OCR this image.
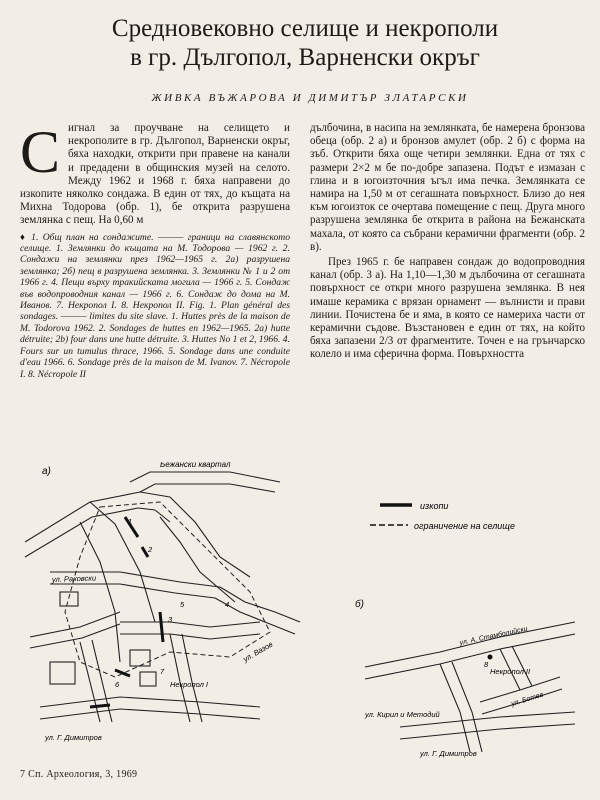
Средновековно селище и некрополи
в гр. Дългопол, Варненски окръг

ЖИВКА ВЪЖАРОВА И ДИМИТЪР ЗЛАТАРСКИ

С игнал за проучване на селището и некрополите в гр. Дългопол, Варненски окръг, бяха находки, открити при правене на канали и предадени в общинския музей на селото. Между 1962 и 1968 г. бяха направени до изкопите няколко сондажа. В един от тях, до къщата на Михна Тодорова (обр. 1), бе открита разрушена землянка с пещ. На 0,60 м

♦ 1. Общ план на сондажите. ——— граници на славянското селище. 1. Землянки до къщата на М. Тодорова — 1962 г. 2. Сондажи на землянки през 1962—1965 г. 2а) разрушена землянка; 2б) пещ в разрушена землянка. 3. Землянки № 1 и 2 от 1966 г. 4. Пещи върху тракийската могила — 1966 г. 5. Сондаж във водопроводния канал — 1966 г. 6. Сондаж до дома на М. Иванов. 7. Некропол I. 8. Некропол II. Fig. 1. Plan général des sondages. ——— limites du site slave. 1. Huttes près de la maison de M. Todorova 1962. 2. Sondages de huttes en 1962—1965. 2a) hutte détruite; 2b) four dans une hutte détruite. 3. Huttes No 1 et 2, 1966. 4. Fours sur un tumulus thrace, 1966. 5. Sondage dans une conduite d'eau 1966. 6. Sondage près de la maison de M. Ivanov. 7. Nécropole I. 8. Nécropole II

дълбочина, в насипа на землянката, бе намерена бронзова обеца (обр. 2 а) и бронзов амулет (обр. 2 б) с форма на зъб. Открити бяха още четири землянки. Една от тях с размери 2×2 м бе по-добре запазена. Подът е измазан с глина и в югоизточния ъгъл има печка. Землянката се намира на 1,50 м от сегашната повърхност. Близо до нея към югоизток се очертава помещение с пещ. Друга много разрушена землянка бе открита в района на Бежанската махала, от която са събрани керамични фрагменти (обр. 2 в).

През 1965 г. бе направен сондаж до водопроводния канал (обр. 3 а). На 1,10—1,30 м дълбочина от сегашната повърхност се откри много разрушена землянка. В нея имаше керамика с врязан орнамент — вълнисти и прави линии. Почистена бе и яма, в която се намериха части от керамични съдове. Възстановен е един от тях, на който бяха запазени 2/3 от фрагментите. Точен е на грънчарско колело и има сферична форма. Повърхността

изкопи
ограничение на селище
а)
б)
Бежански квартал
ул. Раковски
ул. Вазов
ул. Г. Димитров
ул. Г. Димитров
ул. Кирил и Методий
ул. А. Стамболийски
ул. Ботев
Некропол I
Некропол II
1
2
3
4
5
6
7
8
7 Сп. Археология, 3, 1969
